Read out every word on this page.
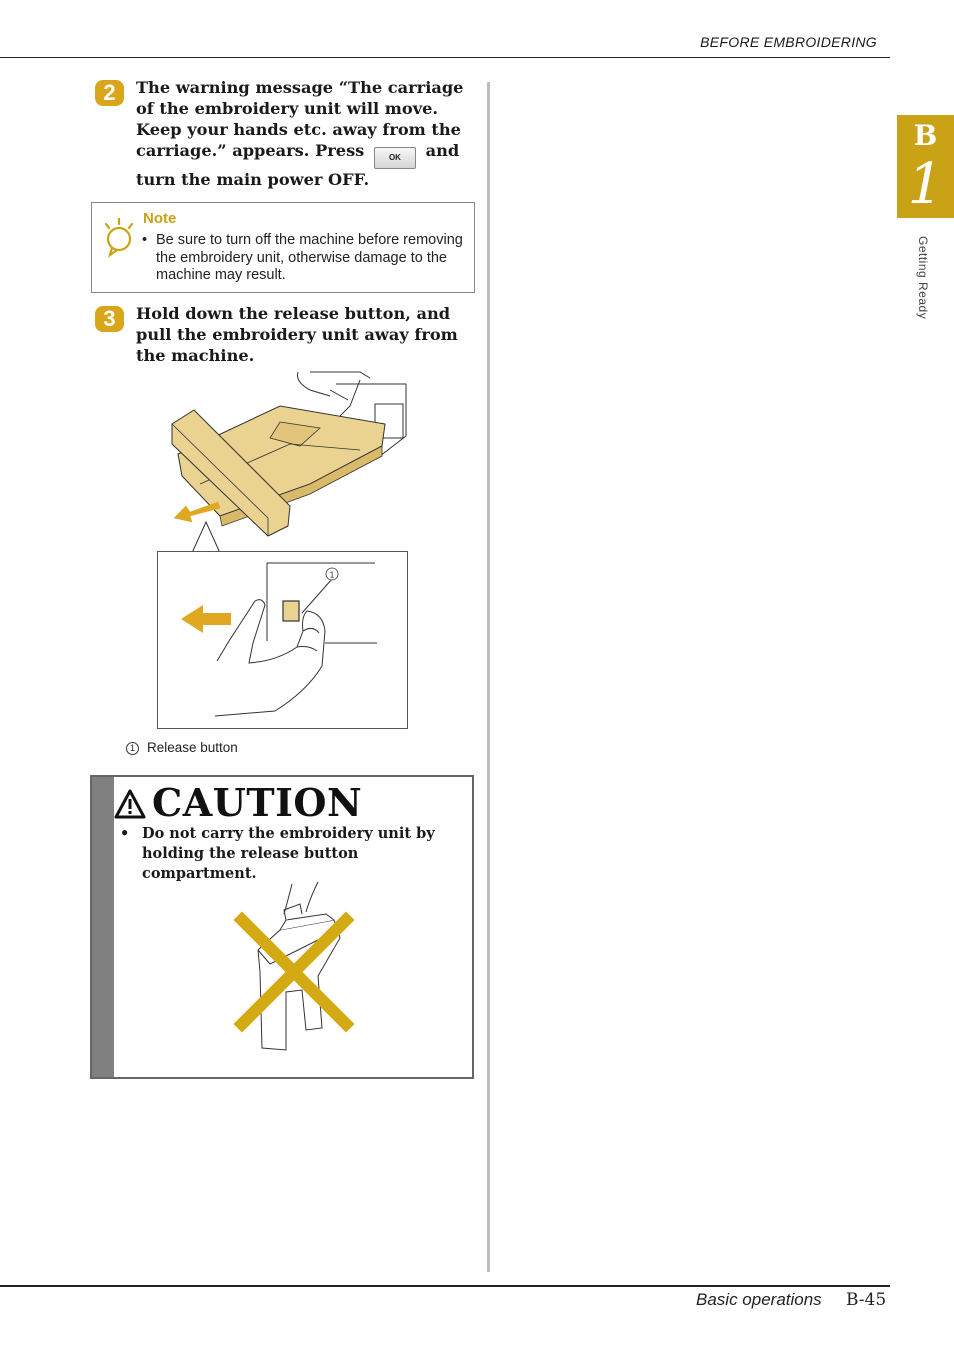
BEFORE EMBROIDERING
B
1
Getting Ready
2	The warning message “The carriage of the embroidery unit will move. Keep your hands etc. away from the carriage.” appears. Press	OK and turn the main power OFF.
Note
• Be sure to turn off the machine before removing the embroidery unit, otherwise damage to the machine may result.
3	Hold down the release button, and pull the embroidery unit away from the machine.
1
1 Release button
CAUTION
• Do not carry the embroidery unit by holding the release button compartment.
Basic operations B-45
